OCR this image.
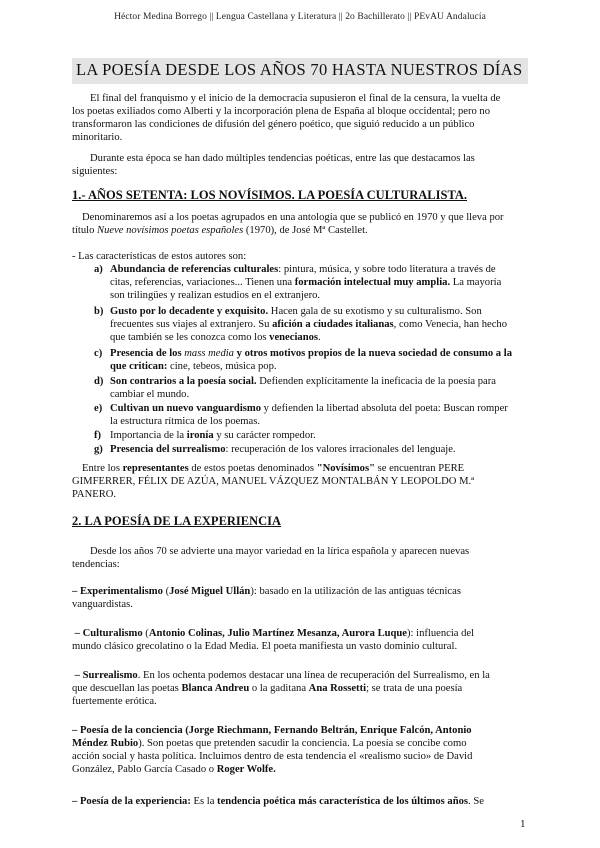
Héctor Medina Borrego || Lengua Castellana y Literatura || 2o Bachillerato || PEvAU Andalucía
LA POESÍA DESDE LOS AÑOS 70 HASTA NUESTROS DÍAS
El final del franquismo y el inicio de la democracia supusieron el final de la censura, la vuelta de
los poetas exiliados como Alberti y la incorporación plena de España al bloque occidental; pero no
transformaron las condiciones de difusión del género poético, que siguió reducido a un público
minoritario.
Durante esta época se han dado múltiples tendencias poéticas, entre las que destacamos las
siguientes:
1.- AÑOS SETENTA: LOS NOVÍSIMOS. LA POESÍA CULTURALISTA.
Denominaremos así a los poetas agrupados en una antología que se publicó en 1970 y que lleva por
título Nueve novísimos poetas españoles (1970), de José Mª Castellet.
- Las características de estos autores son:
a) Abundancia de referencias culturales: pintura, música, y sobre todo literatura a través de
citas, referencias, variaciones... Tienen una formación intelectual muy amplia. La mayoría
son trilingües y realizan estudios en el extranjero.
b) Gusto por lo decadente y exquisito. Hacen gala de su exotismo y su culturalismo. Son
frecuentes sus viajes al extranjero. Su afición a ciudades italianas, como Venecia, han hecho
que también se les conozca como los venecianos.
c) Presencia de los mass media y otros motivos propios de la nueva sociedad de consumo a la
que critican: cine, tebeos, música pop.
d) Son contrarios a la poesía social. Defienden explícitamente la ineficacia de la poesía para
cambiar el mundo.
e) Cultivan un nuevo vanguardismo y defienden la libertad absoluta del poeta: Buscan romper
la estructura rítmica de los poemas.
f) Importancia de la ironía y su carácter rompedor.
g) Presencia del surrealismo: recuperación de los valores irracionales del lenguaje.
Entre los representantes de estos poetas denominados "Novísimos" se encuentran PERE
GIMFERRER, FÉLIX DE AZÚA, MANUEL VÁZQUEZ MONTALBÁN Y LEOPOLDO M.ª
PANERO.
2. LA POESÍA DE LA EXPERIENCIA
Desde los años 70 se advierte una mayor variedad en la lírica española y aparecen nuevas
tendencias:
– Experimentalismo (José Miguel Ullán): basado en la utilización de las antiguas técnicas
vanguardistas.
– Culturalismo (Antonio Colinas, Julio Martínez Mesanza, Aurora Luque): influencia del
mundo clásico grecolatino o la Edad Media. El poeta manifiesta un vasto dominio cultural.
– Surrealismo. En los ochenta podemos destacar una línea de recuperación del Surrealismo, en la
que descuellan las poetas Blanca Andreu o la gaditana Ana Rossetti; se trata de una poesía
fuertemente erótica.
– Poesía de la conciencia (Jorge Riechmann, Fernando Beltrán, Enrique Falcón, Antonio
Méndez Rubio). Son poetas que pretenden sacudir la conciencia. La poesía se concibe como
acción social y hasta política. Incluimos dentro de esta tendencia el «realismo sucio» de David
González, Pablo García Casado o Roger Wolfe.
– Poesía de la experiencia: Es la tendencia poética más característica de los últimos años. Se
1
